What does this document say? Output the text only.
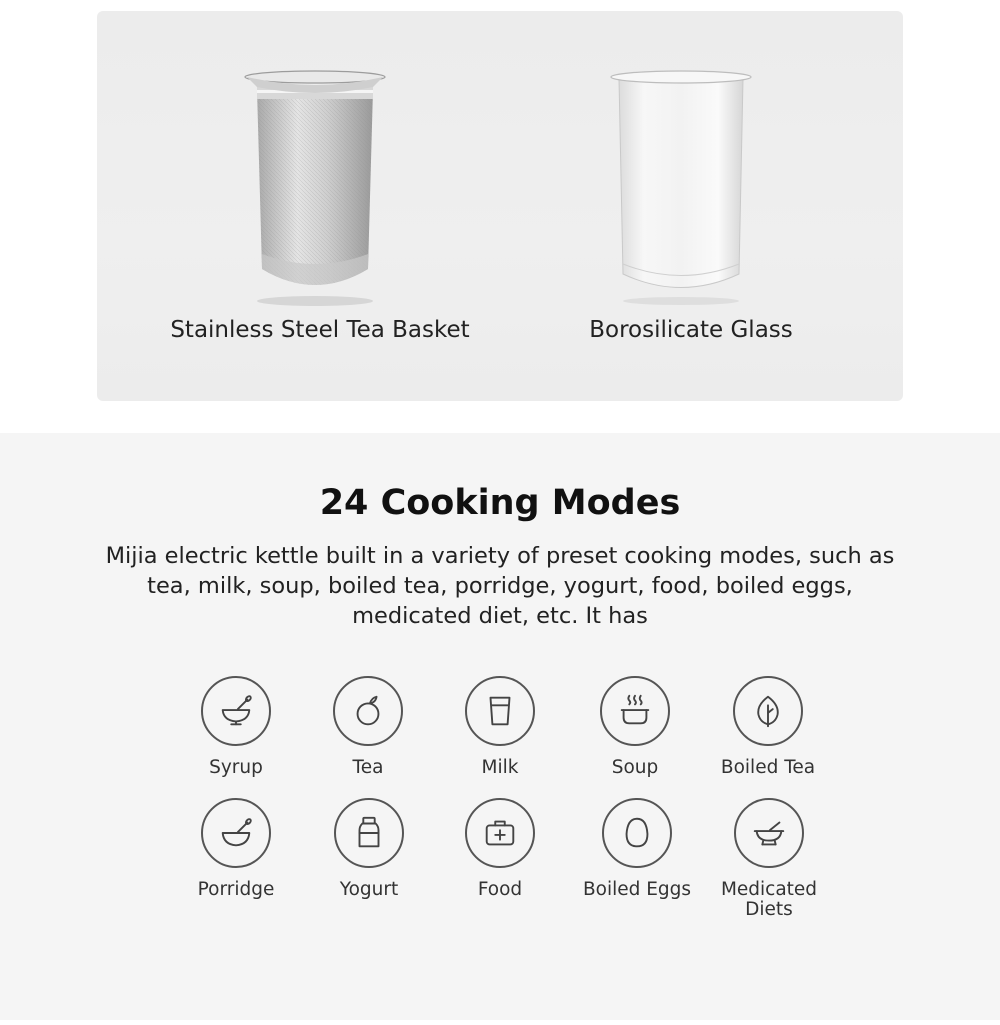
Stainless Steel Tea Basket	Borosilicate Glass
24 Cooking Modes
Mijia electric kettle built in a variety of preset cooking modes, such as tea, milk, soup, boiled tea, porridge, yogurt, food, boiled eggs, medicated diet, etc. It has
Syrup	Tea	Milk	Soup	Boiled Tea
Porridge	Yogurt	Food	Boiled Eggs	Medicated Diets
